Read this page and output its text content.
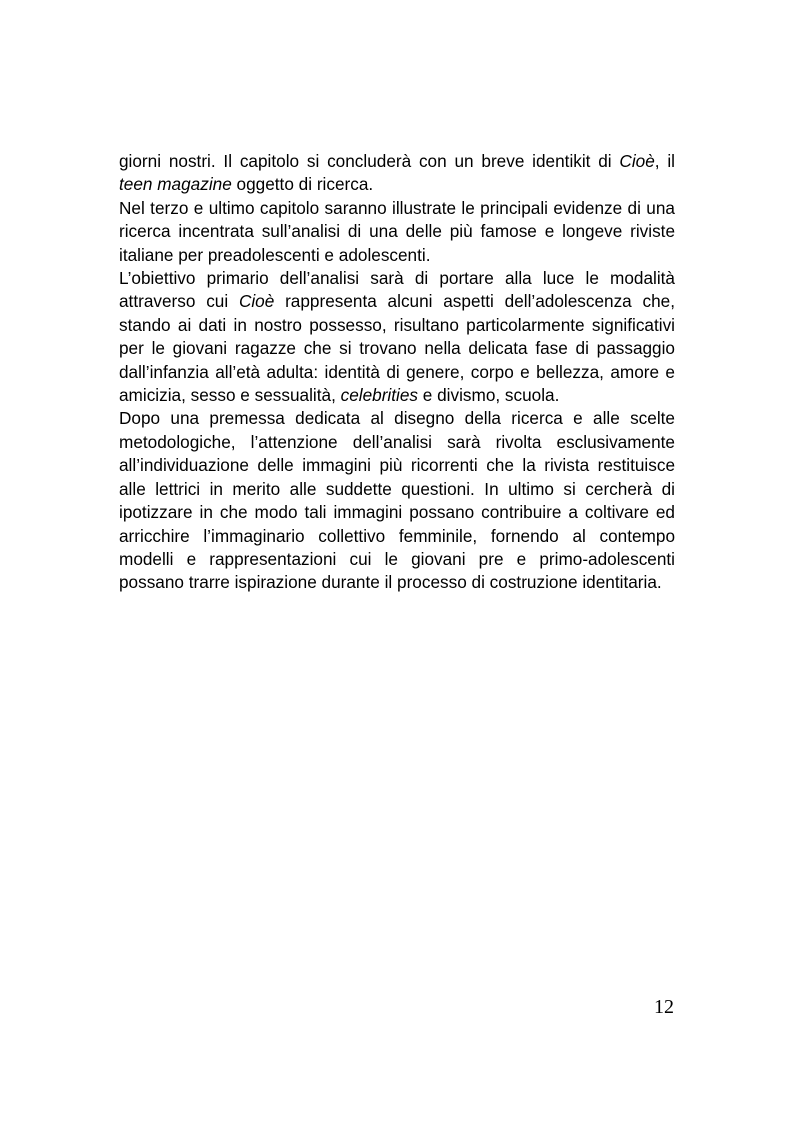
giorni nostri. Il capitolo si concluderà con un breve identikit di Cioè, il teen magazine oggetto di ricerca.

Nel terzo e ultimo capitolo saranno illustrate le principali evidenze di una ricerca incentrata sull’analisi di una delle più famose e longeve riviste italiane per preadolescenti e adolescenti.

L’obiettivo primario dell’analisi sarà di portare alla luce le modalità attraverso cui Cioè rappresenta alcuni aspetti dell’adolescenza che, stando ai dati in nostro possesso, risultano particolarmente significativi per le giovani ragazze che si trovano nella delicata fase di passaggio dall’infanzia all’età adulta: identità di genere, corpo e bellezza, amore e amicizia, sesso e sessualità, celebrities e divismo, scuola.

Dopo una premessa dedicata al disegno della ricerca e alle scelte metodologiche, l’attenzione dell’analisi sarà rivolta esclusivamente all’individuazione delle immagini più ricorrenti che la rivista restituisce alle lettrici in merito alle suddette questioni. In ultimo si cercherà di ipotizzare in che modo tali immagini possano contribuire a coltivare ed arricchire l’immaginario collettivo femminile, fornendo al contempo modelli e rappresentazioni cui le giovani pre e primo-adolescenti possano trarre ispirazione durante il processo di costruzione identitaria.

12
